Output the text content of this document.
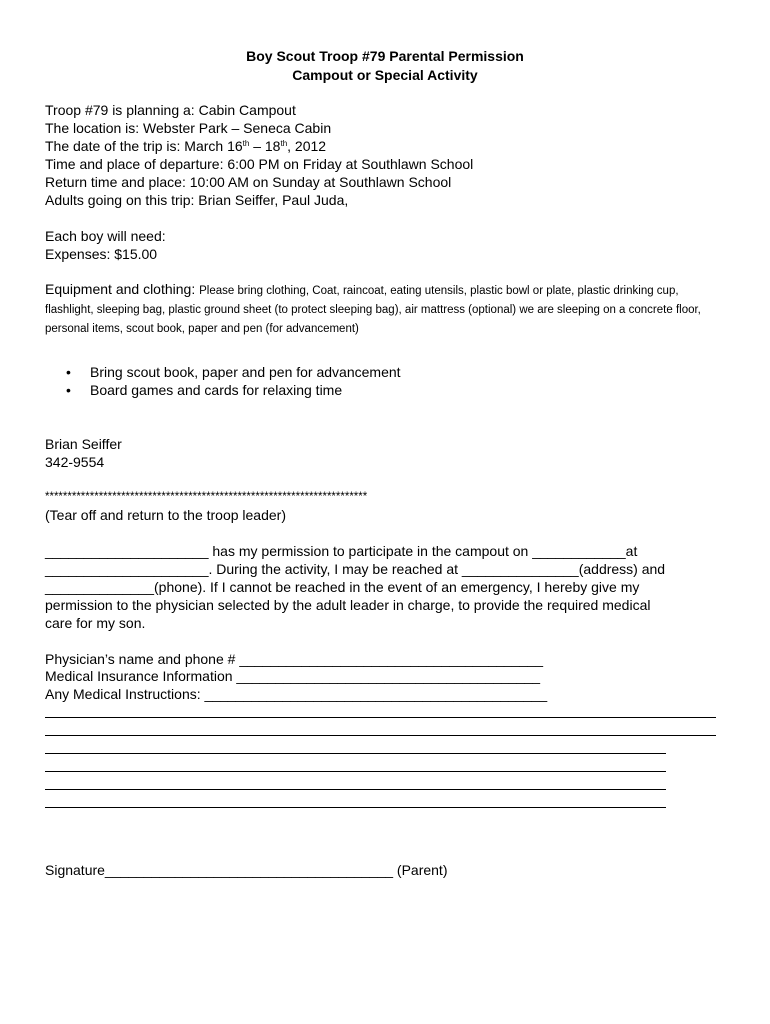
Boy Scout Troop #79 Parental Permission
Campout or Special Activity
Troop #79 is planning a: Cabin Campout
The location is: Webster Park – Seneca Cabin
The date of the trip is: March 16th – 18th, 2012
Time and place of departure: 6:00 PM on Friday at Southlawn School
Return time and place: 10:00 AM on Sunday at Southlawn School
Adults going on this trip: Brian Seiffer, Paul Juda,
Each boy will need:
Expenses: $15.00
Equipment and clothing: Please bring clothing, Coat, raincoat, eating utensils, plastic bowl or plate, plastic drinking cup, flashlight, sleeping bag, plastic ground sheet (to protect sleeping bag), air mattress (optional) we are sleeping on a concrete floor, personal items, scout book, paper and pen (for advancement)
• Bring scout book, paper and pen for advancement
• Board games and cards for relaxing time
Brian Seiffer
342-9554
************************************************************************
(Tear off and return to the troop leader)
_____________________ has my permission to participate in the campout on ____________at
_____________________. During the activity, I may be reached at _______________(address) and
______________(phone). If I cannot be reached in the event of an emergency, I hereby give my
permission to the physician selected by the adult leader in charge, to provide the required medical
care for my son.
Physician’s name and phone # _______________________________________
Medical Insurance Information _______________________________________
Any Medical Instructions: ____________________________________________
Signature_____________________________________ (Parent)
